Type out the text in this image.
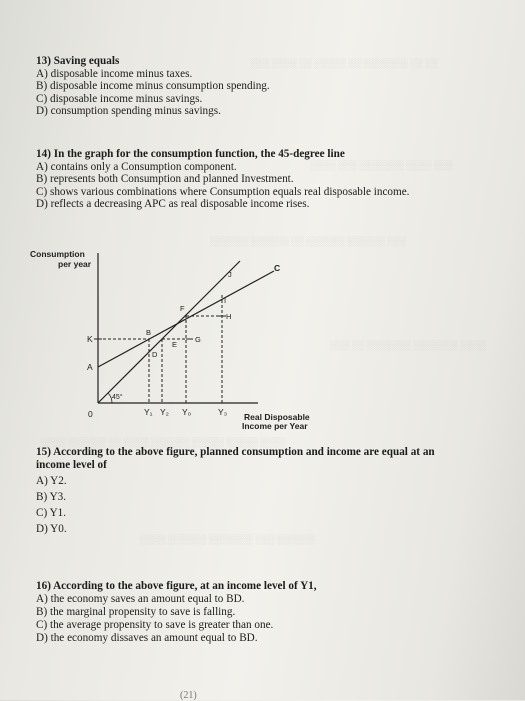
░░░ ░░░░ ░░ ░░░░░ ░░ ░░░░░░░ ░░ ░░
░░░░ ░░░ ░░░░░░░ ░░░░ ░░░
░░░░░░ ░░░░░░ ░░ ░░░░░░ ░░░░░░ ░░░
░░░ ░░ ░░░░░░░ ░░░░░░░ ░░░░
░░░░ ░░░░░░ ░░ ░░░░ ░░░░░░ ░░░░░ ░░░░░ ░░░░
░░░░ ░░░░░░ ░░░░░░░ ░░░ ░░░░░░
13) Saving equals
A) disposable income minus taxes.
B) disposable income minus consumption spending.
C) disposable income minus savings.
D) consumption spending minus savings.
14) In the graph for the consumption function, the 45-degree line
A) contains only a Consumption component.
B) represents both Consumption and planned Investment.
C) shows various combinations where Consumption equals real disposable income.
D) reflects a decreasing APC as real disposable income rises.
Consumption
per year
Real Disposable
Income per Year
0
45°
Y₁ Y₂ Y₀	Y₃
K
A
C
J
I
F
H
B
G
E
D
15) According to the above figure, planned consumption and income are equal at an
income level of
A) Y2.
B) Y3.
C) Y1.
D) Y0.
16) According to the above figure, at an income level of Y1,
A) the economy saves an amount equal to BD.
B) the marginal propensity to save is falling.
C) the average propensity to save is greater than one.
D) the economy dissaves an amount equal to BD.
(21)
